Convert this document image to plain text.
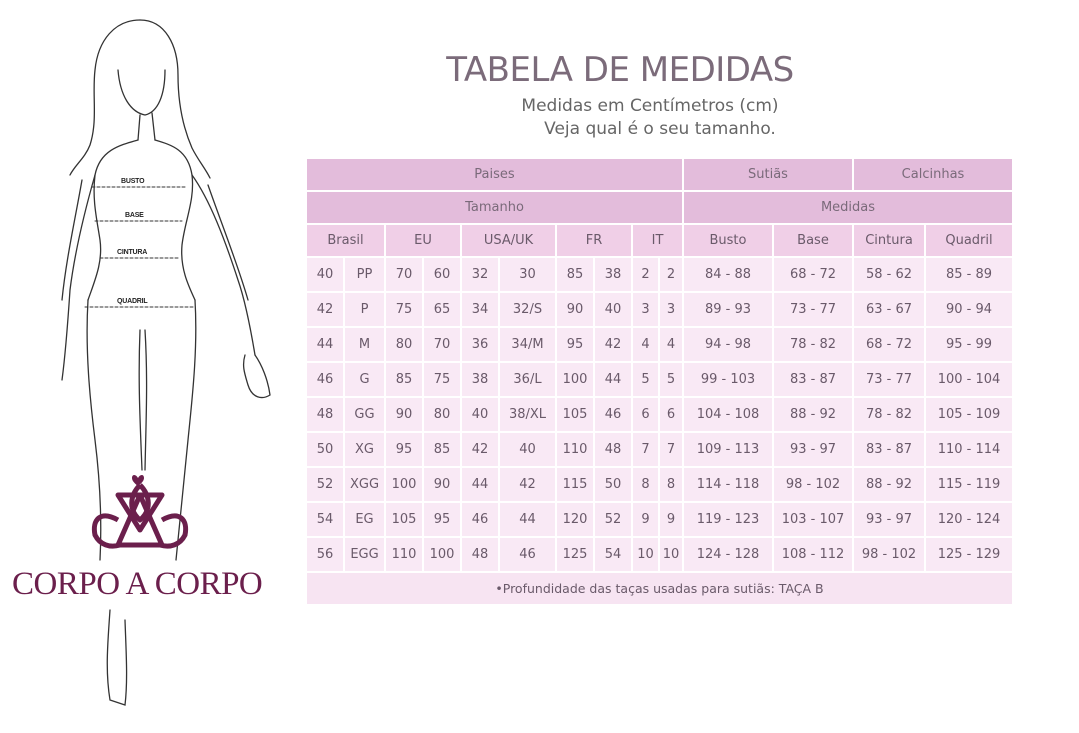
BUSTO
BASE
CINTURA
QUADRIL
CORPO A CORPO
TABELA DE MEDIDAS
Medidas em Centímetros (cm)
Veja qual é o seu tamanho.
Paises										Sutiãs		Calcinhas	
Tamanho										Medidas			
Brasil		EU		USA/UK		FR		IT		Busto	Base	Cintura	Quadril
40	PP	70	60	32	30	85	38	2	2	84 - 88	68 - 72	58 - 62	85 - 89
42	P	75	65	34	32/S	90	40	3	3	89 - 93	73 - 77	63 - 67	90 - 94
44	M	80	70	36	34/M	95	42	4	4	94 - 98	78 - 82	68 - 72	95 - 99
46	G	85	75	38	36/L	100	44	5	5	99 - 103	83 - 87	73 - 77	100 - 104
48	GG	90	80	40	38/XL	105	46	6	6	104 - 108	88 - 92	78 - 82	105 - 109
50	XG	95	85	42	40	110	48	7	7	109 - 113	93 - 97	83 - 87	110 - 114
52	XGG	100	90	44	42	115	50	8	8	114 - 118	98 - 102	88 - 92	115 - 119
54	EG	105	95	46	44	120	52	9	9	119 - 123	103 - 107	93 - 97	120 - 124
56	EGG	110	100	48	46	125	54	10	10	124 - 128	108 - 112	98 - 102	125 - 129
•Profundidade das taças usadas para sutiãs: TAÇA B													
